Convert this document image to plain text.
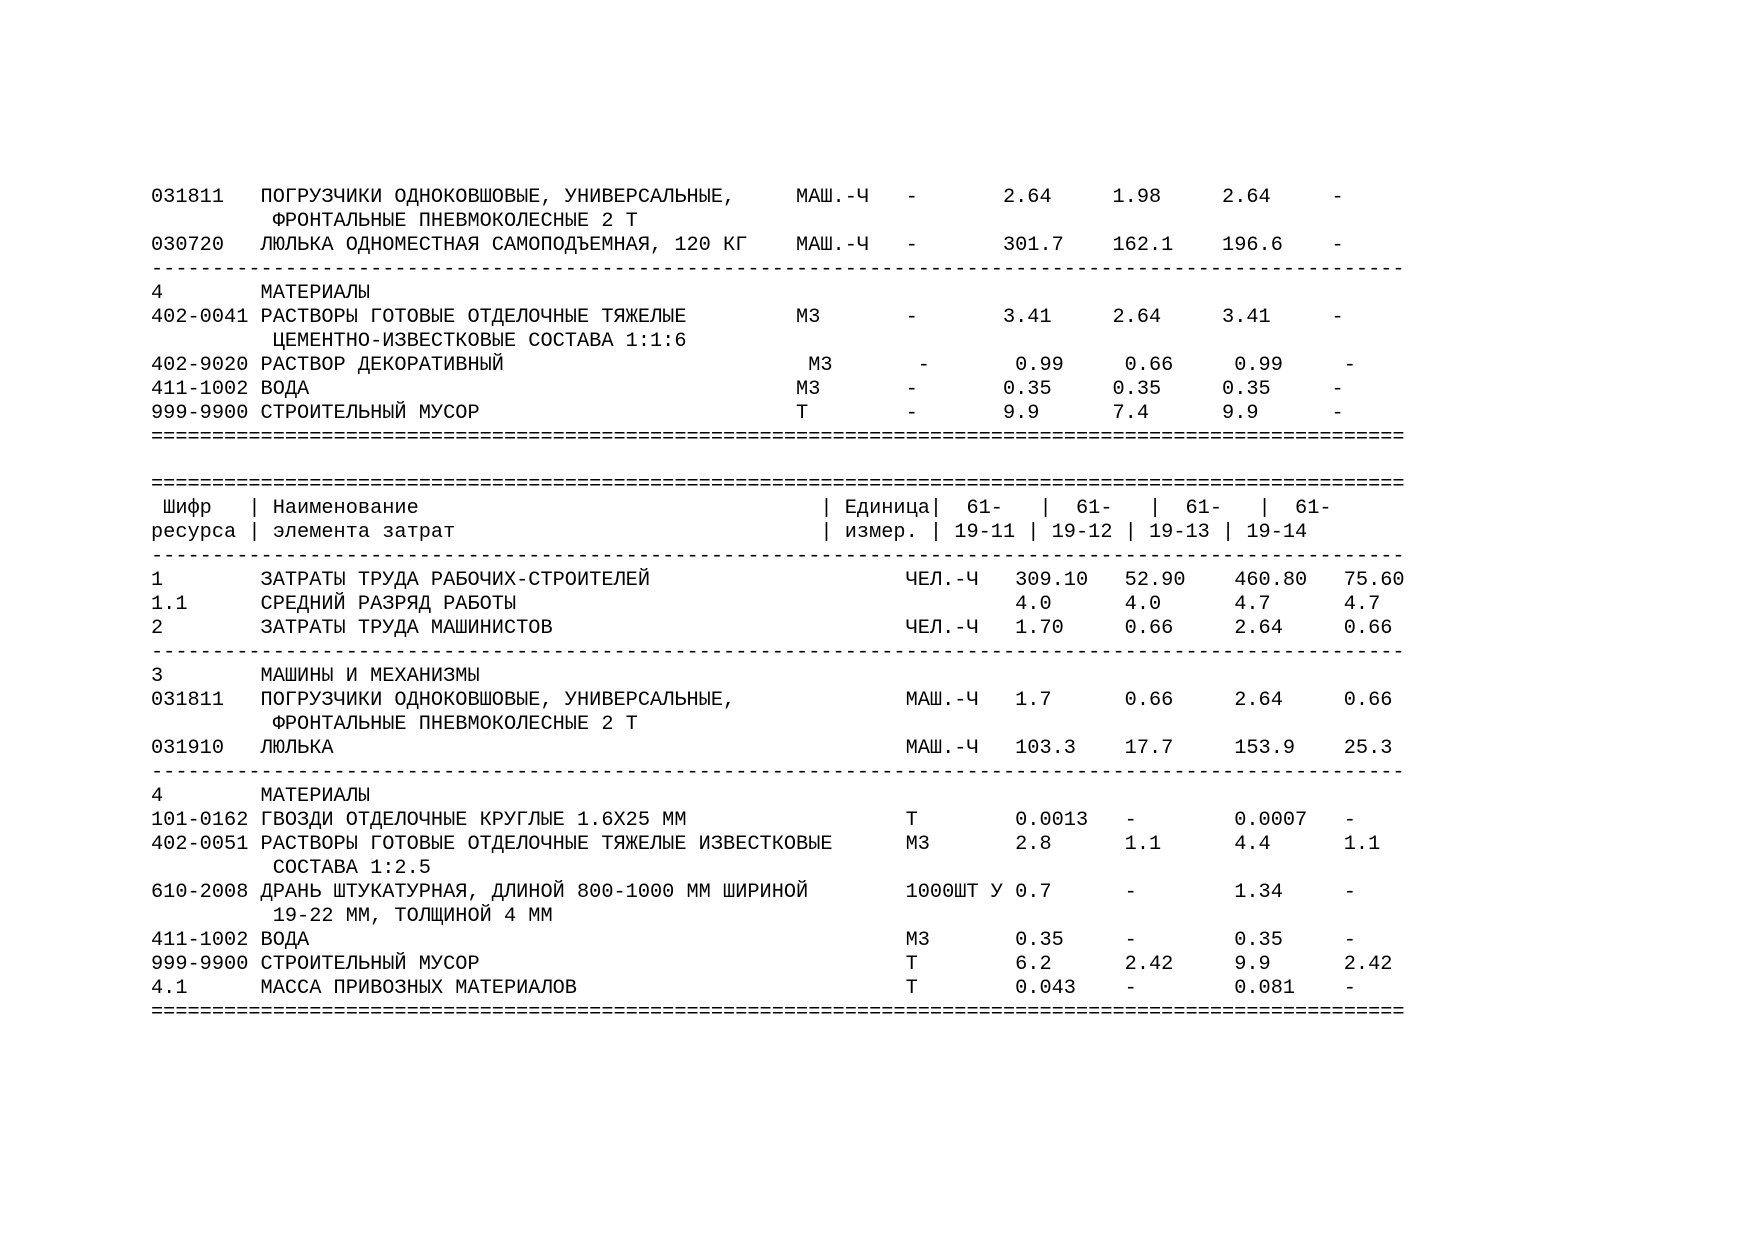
031811   ПОГРУЗЧИКИ ОДНОКОВШОВЫЕ, УНИВЕРСАЛЬНЫЕ,     МАШ.-Ч   -       2.64     1.98     2.64     -
ФРОНТАЛЬНЫЕ ПНЕВМОКОЛЕСНЫЕ 2 Т
030720   ЛЮЛЬКА ОДНОМЕСТНАЯ САМОПОДЪЕМНАЯ, 120 КГ    МАШ.-Ч   -       301.7    162.1    196.6    -
-------------------------------------------------------------------------------------------------------
4        МАТЕРИАЛЫ
402-0041 РАСТВОРЫ ГОТОВЫЕ ОТДЕЛОЧНЫЕ ТЯЖЕЛЫЕ         М3       -       3.41     2.64     3.41     -
ЦЕМЕНТНО-ИЗВЕСТКОВЫЕ СОСТАВА 1:1:6
402-9020 РАСТВОР ДЕКОРАТИВНЫЙ                         М3       -       0.99     0.66     0.99     -
411-1002 ВОДА                                        М3       -       0.35     0.35     0.35     -
999-9900 СТРОИТЕЛЬНЫЙ МУСОР                          Т        -       9.9      7.4      9.9      -
=======================================================================================================
=======================================================================================================
Шифр   | Наименование                                 | Единица|  61-   |  61-   |  61-   |  61-
ресурса | элемента затрат                              | измер. | 19-11 | 19-12 | 19-13 | 19-14
-------------------------------------------------------------------------------------------------------
1        ЗАТРАТЫ ТРУДА РАБОЧИХ-СТРОИТЕЛЕЙ                     ЧЕЛ.-Ч   309.10   52.90    460.80   75.60
1.1      СРЕДНИЙ РАЗРЯД РАБОТЫ                                         4.0      4.0      4.7      4.7
2        ЗАТРАТЫ ТРУДА МАШИНИСТОВ                             ЧЕЛ.-Ч   1.70     0.66     2.64     0.66
-------------------------------------------------------------------------------------------------------
3        МАШИНЫ И МЕХАНИЗМЫ
031811   ПОГРУЗЧИКИ ОДНОКОВШОВЫЕ, УНИВЕРСАЛЬНЫЕ,              МАШ.-Ч   1.7      0.66     2.64     0.66
ФРОНТАЛЬНЫЕ ПНЕВМОКОЛЕСНЫЕ 2 Т
031910   ЛЮЛЬКА                                               МАШ.-Ч   103.3    17.7     153.9    25.3
-------------------------------------------------------------------------------------------------------
4        МАТЕРИАЛЫ
101-0162 ГВОЗДИ ОТДЕЛОЧНЫЕ КРУГЛЫЕ 1.6Х25 ММ                  Т        0.0013   -        0.0007   -
402-0051 РАСТВОРЫ ГОТОВЫЕ ОТДЕЛОЧНЫЕ ТЯЖЕЛЫЕ ИЗВЕСТКОВЫЕ      М3       2.8      1.1      4.4      1.1
СОСТАВА 1:2.5
610-2008 ДРАНЬ ШТУКАТУРНАЯ, ДЛИНОЙ 800-1000 ММ ШИРИНОЙ        1000ШТ У 0.7      -        1.34     -
19-22 ММ, ТОЛЩИНОЙ 4 ММ
411-1002 ВОДА                                                 М3       0.35     -        0.35     -
999-9900 СТРОИТЕЛЬНЫЙ МУСОР                                   Т        6.2      2.42     9.9      2.42
4.1      МАССА ПРИВОЗНЫХ МАТЕРИАЛОВ                           Т        0.043    -        0.081    -
=======================================================================================================
